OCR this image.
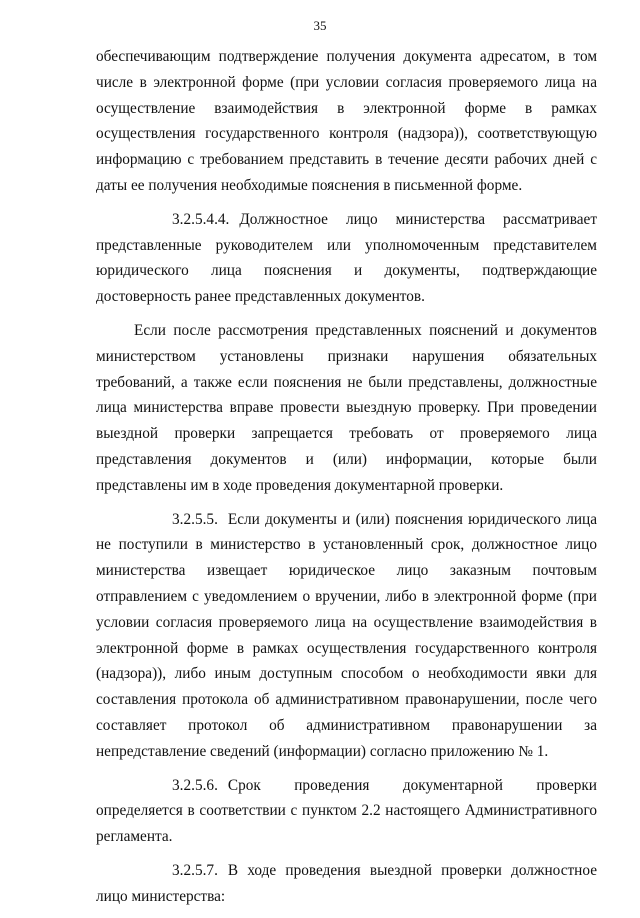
35

обеспечивающим подтверждение получения документа адресатом, в том числе в электронной форме (при условии согласия проверяемого лица на осуществление взаимодействия в электронной форме в рамках осуществления государственного контроля (надзора)), соответствующую информацию с требованием представить в течение десяти рабочих дней с даты ее получения необходимые пояснения в письменной форме.

3.2.5.4.4. Должностное лицо министерства рассматривает представленные руководителем или уполномоченным представителем юридического лица пояснения и документы, подтверждающие достоверность ранее представленных документов.

Если после рассмотрения представленных пояснений и документов министерством установлены признаки нарушения обязательных требований, а также если пояснения не были представлены, должностные лица министерства вправе провести выездную проверку. При проведении выездной проверки запрещается требовать от проверяемого лица представления документов и (или) информации, которые были представлены им в ходе проведения документарной проверки.

3.2.5.5. Если документы и (или) пояснения юридического лица не поступили в министерство в установленный срок, должностное лицо министерства извещает юридическое лицо заказным почтовым отправлением с уведомлением о вручении, либо в электронной форме (при условии согласия проверяемого лица на осуществление взаимодействия в электронной форме в рамках осуществления государственного контроля (надзора)), либо иным доступным способом о необходимости явки для составления протокола об административном правонарушении, после чего составляет протокол об административном правонарушении за непредставление сведений (информации) согласно приложению № 1.

3.2.5.6. Срок проведения документарной проверки определяется в соответствии с пунктом 2.2 настоящего Административного регламента.

3.2.5.7. В ходе проведения выездной проверки должностное лицо министерства:
